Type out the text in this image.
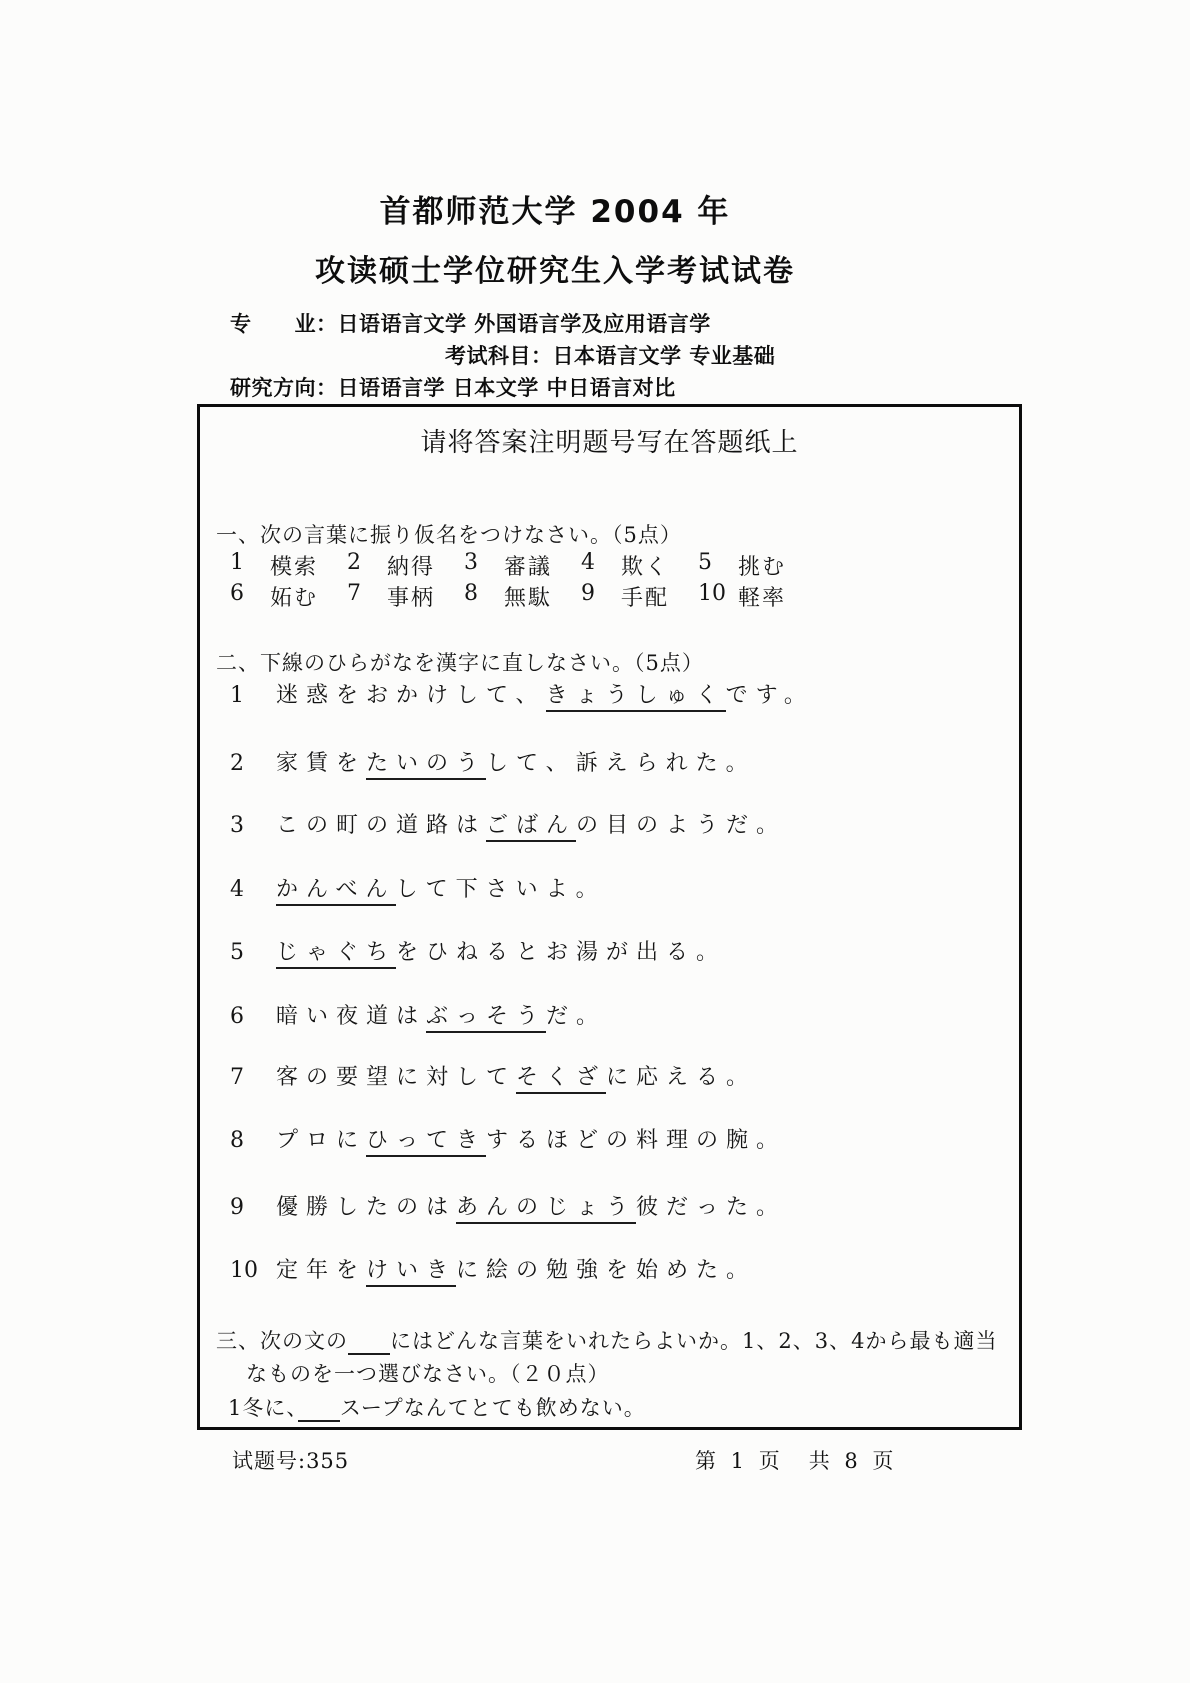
首都师范大学 2004 年
攻读硕士学位研究生入学考试试卷
专　　业：日语语言文学 外国语言学及应用语言学
考试科目：日本语言文学 专业基础
研究方向：日语语言学 日本文学 中日语言对比
请将答案注明题号写在答题纸上
一、次の言葉に振り仮名をつけなさい。（5点）
1	模索 2	納得 3	審議 4	欺く 5	挑む
6	妬む 7	事柄 8	無駄 9	手配 10 軽率
二、下線のひらがなを漢字に直しなさい。（5点）
1 迷惑をおかけして、きょうしゅくです。
2 家賃をたいのうして、訴えられた。
3 この町の道路はごばんの目のようだ。
4 かんべんして下さいよ。
5 じゃぐちをひねるとお湯が出る。
6 暗い夜道はぶっそうだ。
7 客の要望に対してそくざに応える。
8 プロにひってきするほどの料理の腕。
9 優勝したのはあんのじょう彼だった。
10 定年をけいきに絵の勉強を始めた。
三、次の文の　　 にはどんな言葉をいれたらよいか。1、2、3、4から最も適当
なものを一つ選びなさい。（２０点）
1冬に、　　 スープなんてとても飲めない。
试题号:355	第 1 页　共 8 页
